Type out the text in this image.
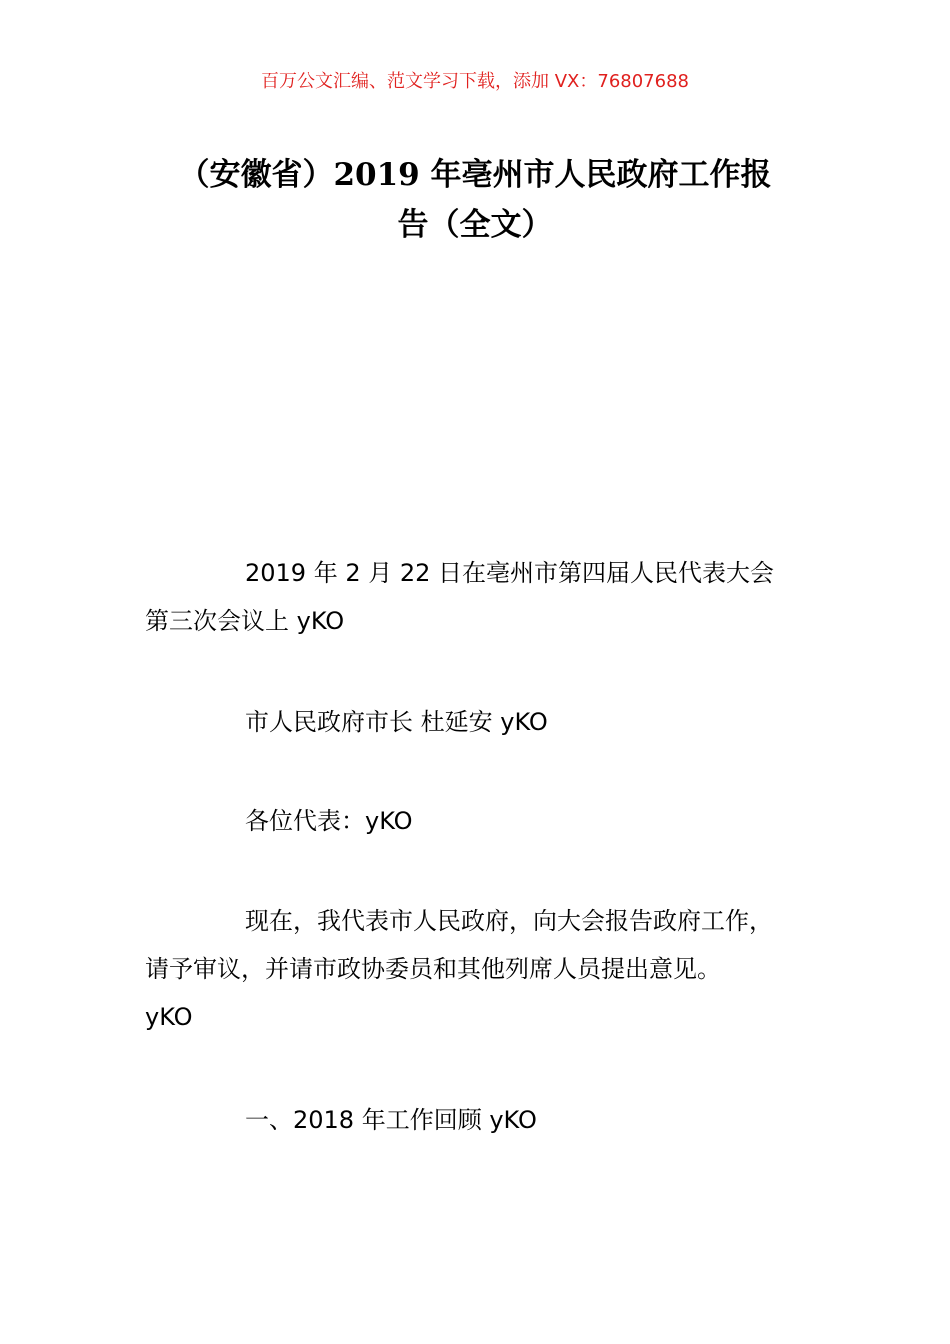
百万公文汇编、范文学习下载，添加 VX：76807688
（安徽省）2019 年亳州市人民政府工作报
告（全文）

2019 年 2 月 22 日在亳州市第四届人民代表大会
第三次会议上 yKO

市人民政府市长 杜延安 yKO

各位代表：yKO

现在，我代表市人民政府，向大会报告政府工作，
请予审议，并请市政协委员和其他列席人员提出意见。
yKO

一、2018 年工作回顾 yKO
